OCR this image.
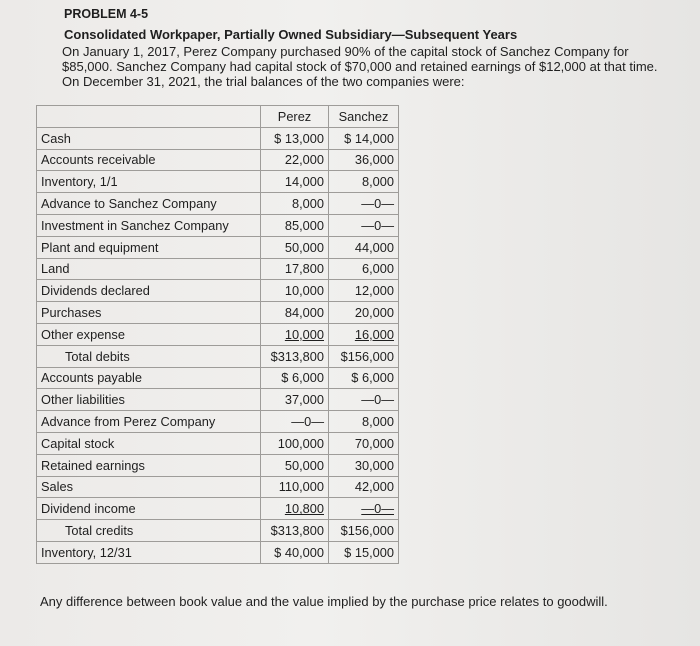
PROBLEM 4-5
Consolidated Workpaper, Partially Owned Subsidiary—Subsequent Years
On January 1, 2017, Perez Company purchased 90% of the capital stock of Sanchez Company for $85,000. Sanchez Company had capital stock of $70,000 and retained earnings of $12,000 at that time. On December 31, 2021, the trial balances of the two companies were:
	Perez	Sanchez
Cash	$ 13,000	$ 14,000
Accounts receivable	22,000	36,000
Inventory, 1/1	14,000	8,000
Advance to Sanchez Company	8,000	—0—
Investment in Sanchez Company	85,000	—0—
Plant and equipment	50,000	44,000
Land	17,800	6,000
Dividends declared	10,000	12,000
Purchases	84,000	20,000
Other expense	10,000	16,000
Total debits	$313,800	$156,000
Accounts payable	$ 6,000	$ 6,000
Other liabilities	37,000	—0—
Advance from Perez Company	—0—	8,000
Capital stock	100,000	70,000
Retained earnings	50,000	30,000
Sales	110,000	42,000
Dividend income	10,800	—0—
Total credits	$313,800	$156,000
Inventory, 12/31	$ 40,000	$ 15,000
Any difference between book value and the value implied by the purchase price relates to goodwill.
